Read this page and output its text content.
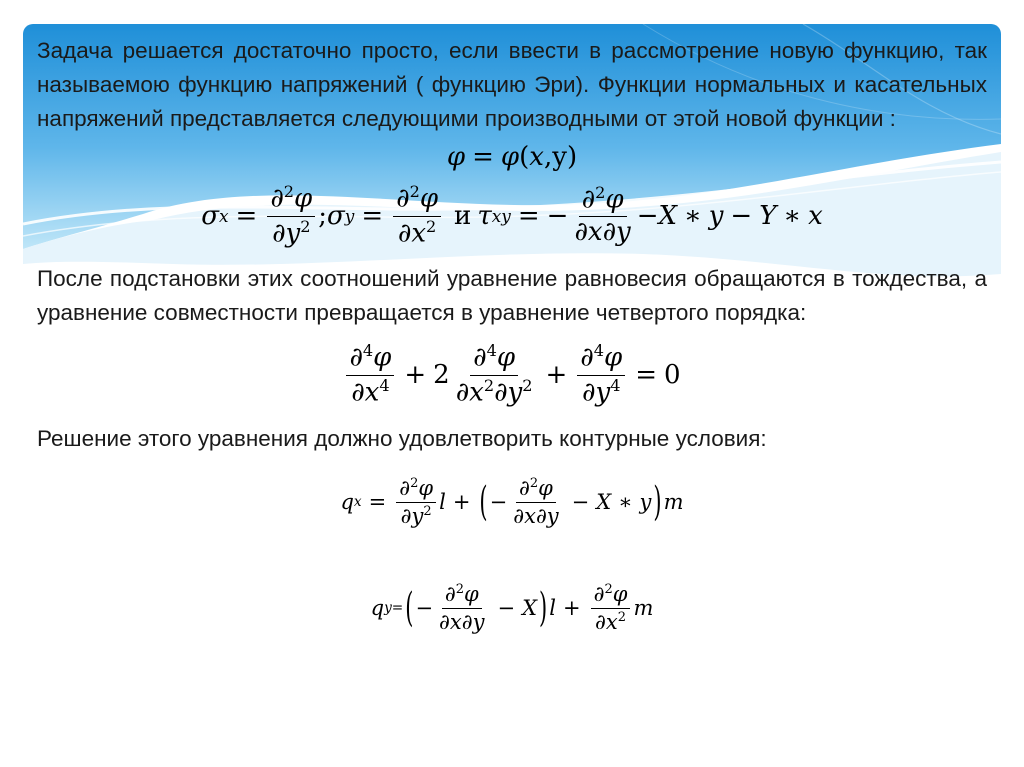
Задача решается достаточно просто, если ввести в рассмотрение новую функцию, так называемою функцию напряжений ( функцию Эри). Функции нормальных и касательных напряжений представляется следующими производными от этой новой функции :

φ = φ ( x , y )
σ $x = \frac{\partial^2\varphi}{\partial y^2}$ ; σ $y = \frac{\partial^2\varphi}{\partial x^2}$ и τ xy = − $\frac{\partial^2\varphi}{\partial x\partial y} - X$ ∗ y − Y ∗ x

После подстановки этих соотношений уравнение равновесия обращаются в тождества, а уравнение совместности превращается в уравнение четвертого порядка:

$\frac{\partial^4\varphi}{\partial x^4} + 2 \frac{\partial^4\varphi}{\partial x^2\partial y^2} + \frac{\partial^4\varphi}{\partial y^4} = 0$

Решение этого уравнения должно удовлетворить контурные условия:

q $x = \frac{\partial^2\varphi}{\partial y^2}$ l + ( − $\frac{\partial^2\varphi}{\partial x\partial y} - X$ ∗ y ) m
q y= ( − $\frac{\partial^2\varphi}{\partial x\partial y} - X$ ) $l + \frac{\partial^2\varphi}{\partial x^2}$ m
